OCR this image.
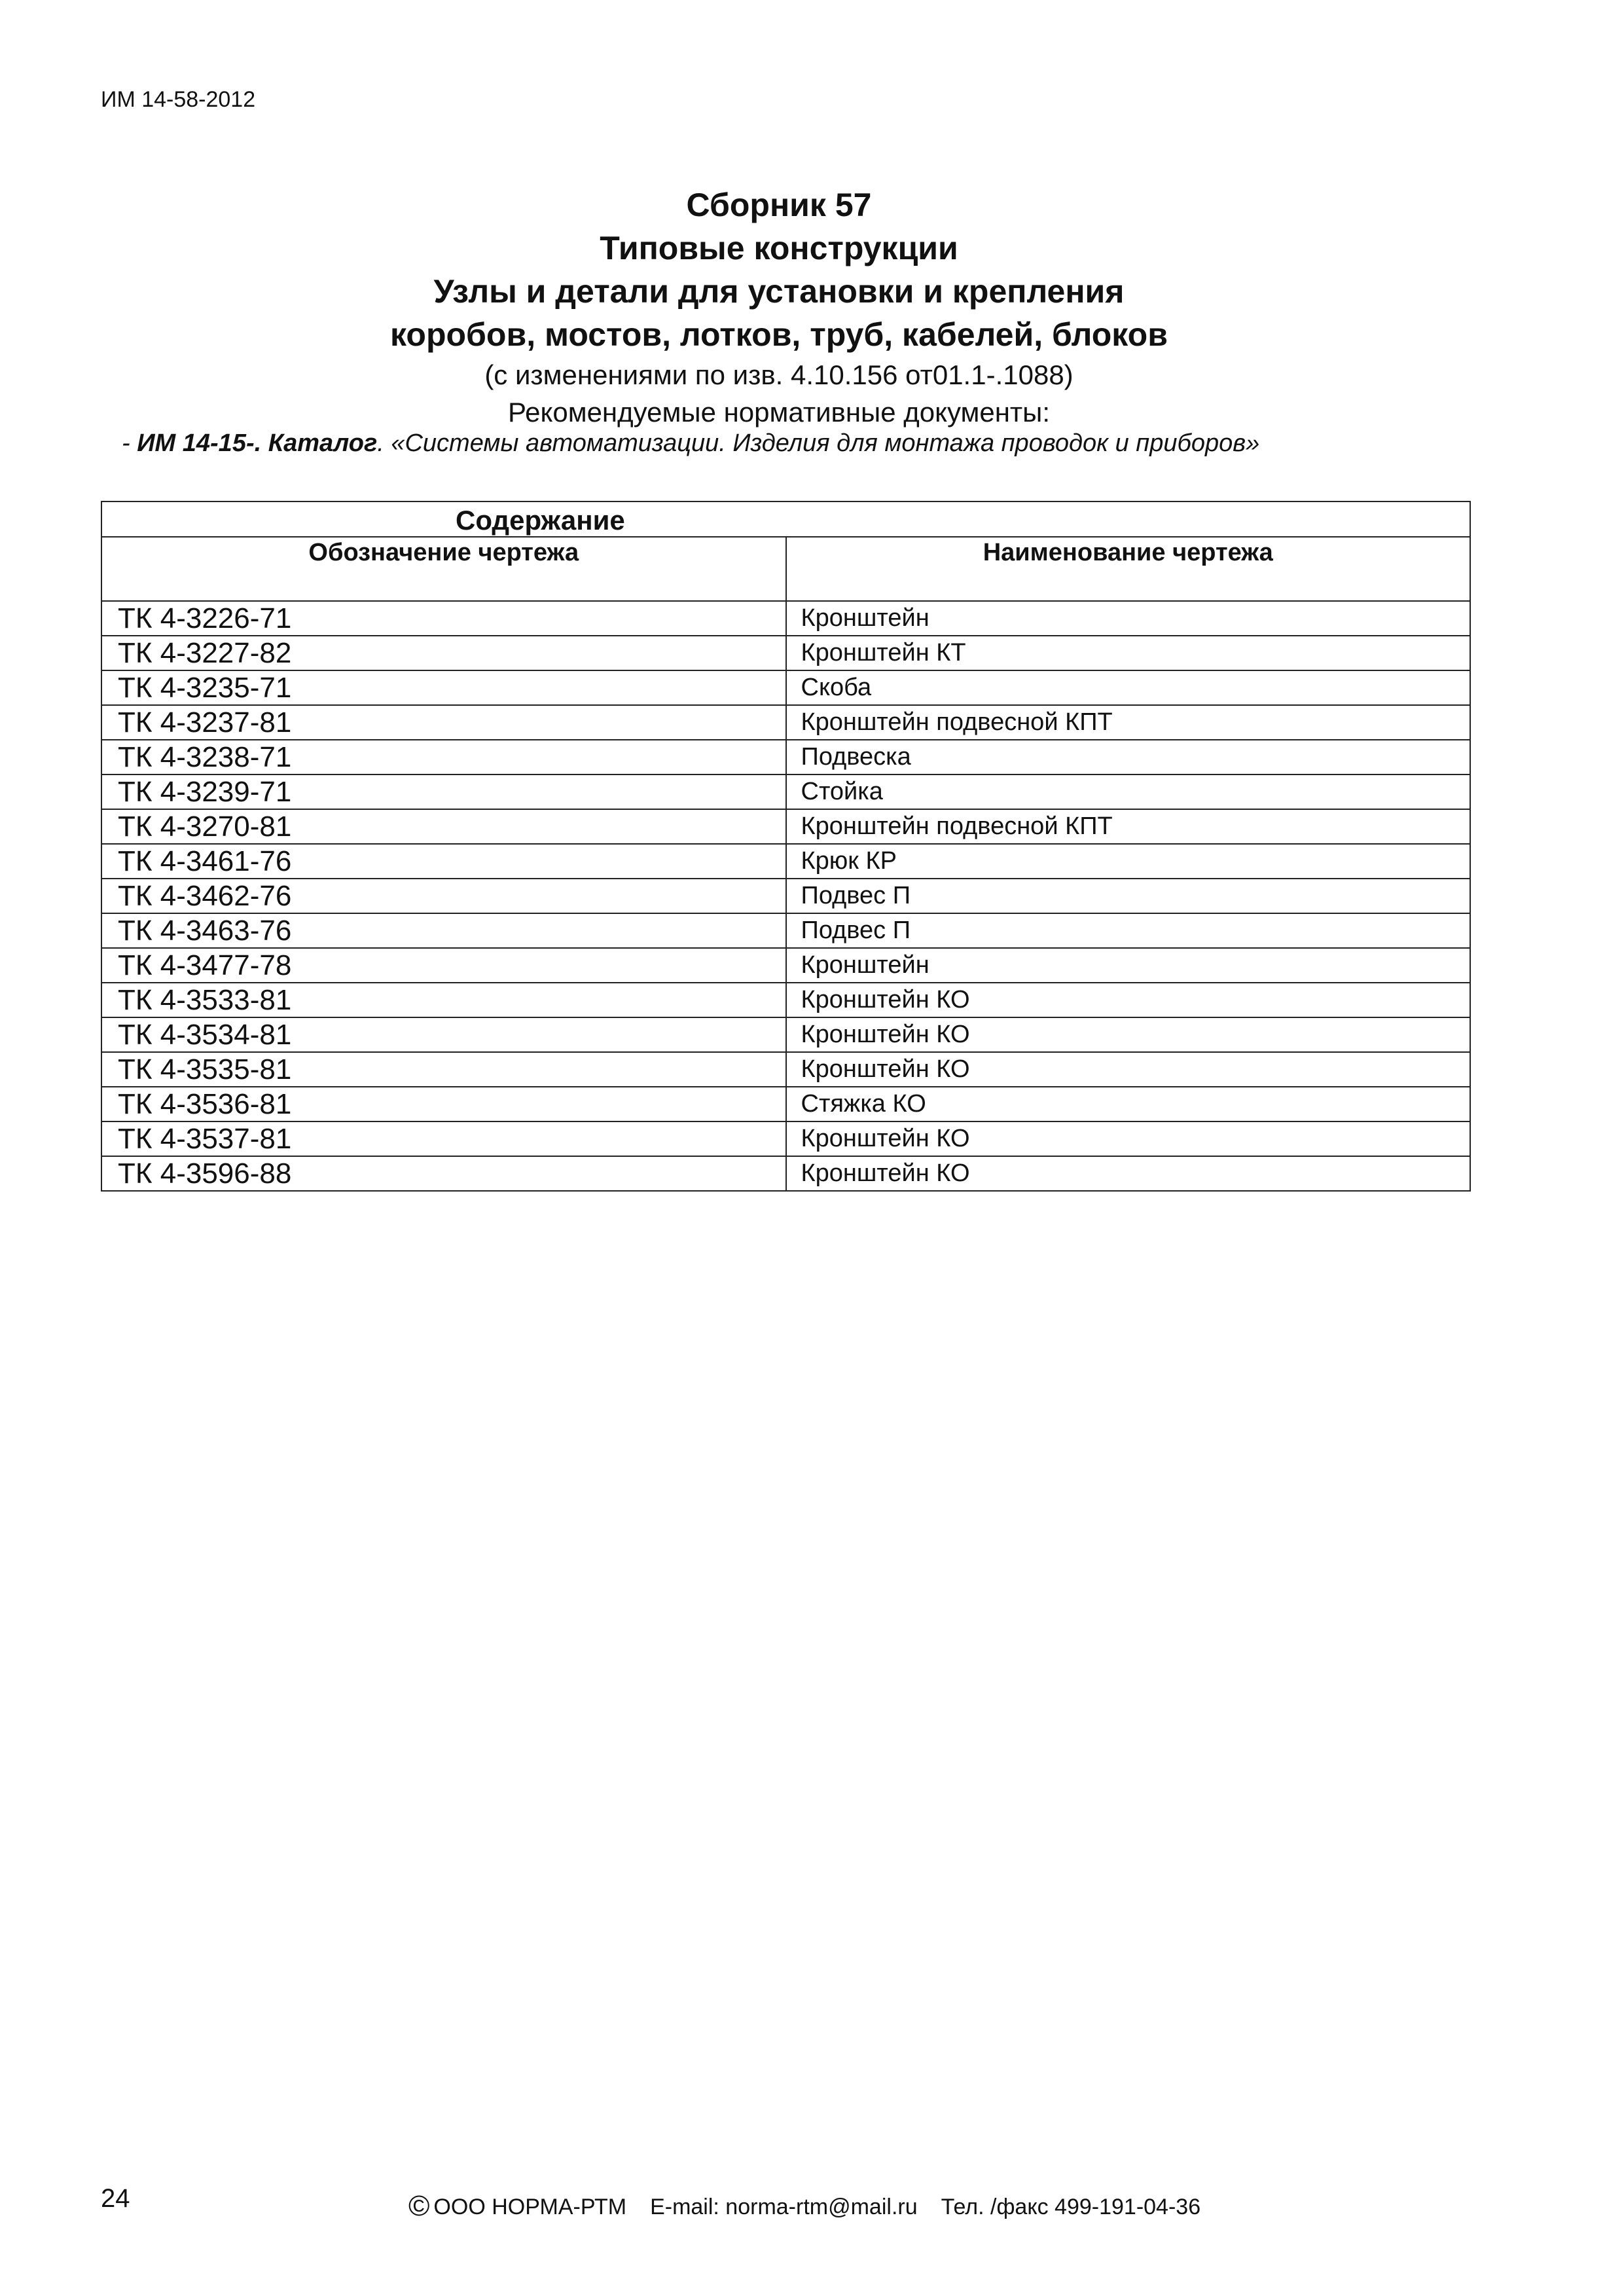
ИМ 14-58-2012
Сборник 57
Типовые конструкции
Узлы и детали для установки и крепления
коробов, мостов, лотков, труб, кабелей, блоков
(с изменениями по изв. 4.10.156 от01.1-.1088)
Рекомендуемые нормативные документы:
- ИМ 14-15-. Каталог. «Системы автоматизации. Изделия для монтажа проводок и приборов»
Содержание	
Обозначение чертежа	Наименование чертежа
ТК 4-3226-71	Кронштейн
ТК 4-3227-82	Кронштейн КТ
ТК 4-3235-71	Скоба
ТК 4-3237-81	Кронштейн подвесной КПТ
ТК 4-3238-71	Подвеска
ТК 4-3239-71	Стойка
ТК 4-3270-81	Кронштейн подвесной КПТ
ТК 4-3461-76	Крюк КР
ТК 4-3462-76	Подвес П
ТК 4-3463-76	Подвес П
ТК 4-3477-78	Кронштейн
ТК 4-3533-81	Кронштейн КО
ТК 4-3534-81	Кронштейн КО
ТК 4-3535-81	Кронштейн КО
ТК 4-3536-81	Стяжка КО
ТК 4-3537-81	Кронштейн КО
ТК 4-3596-88	Кронштейн КО
24	© ООО НОРМА-РТМ E-mail: norma-rtm@mail.ru Тел. /факс 499-191-04-36
